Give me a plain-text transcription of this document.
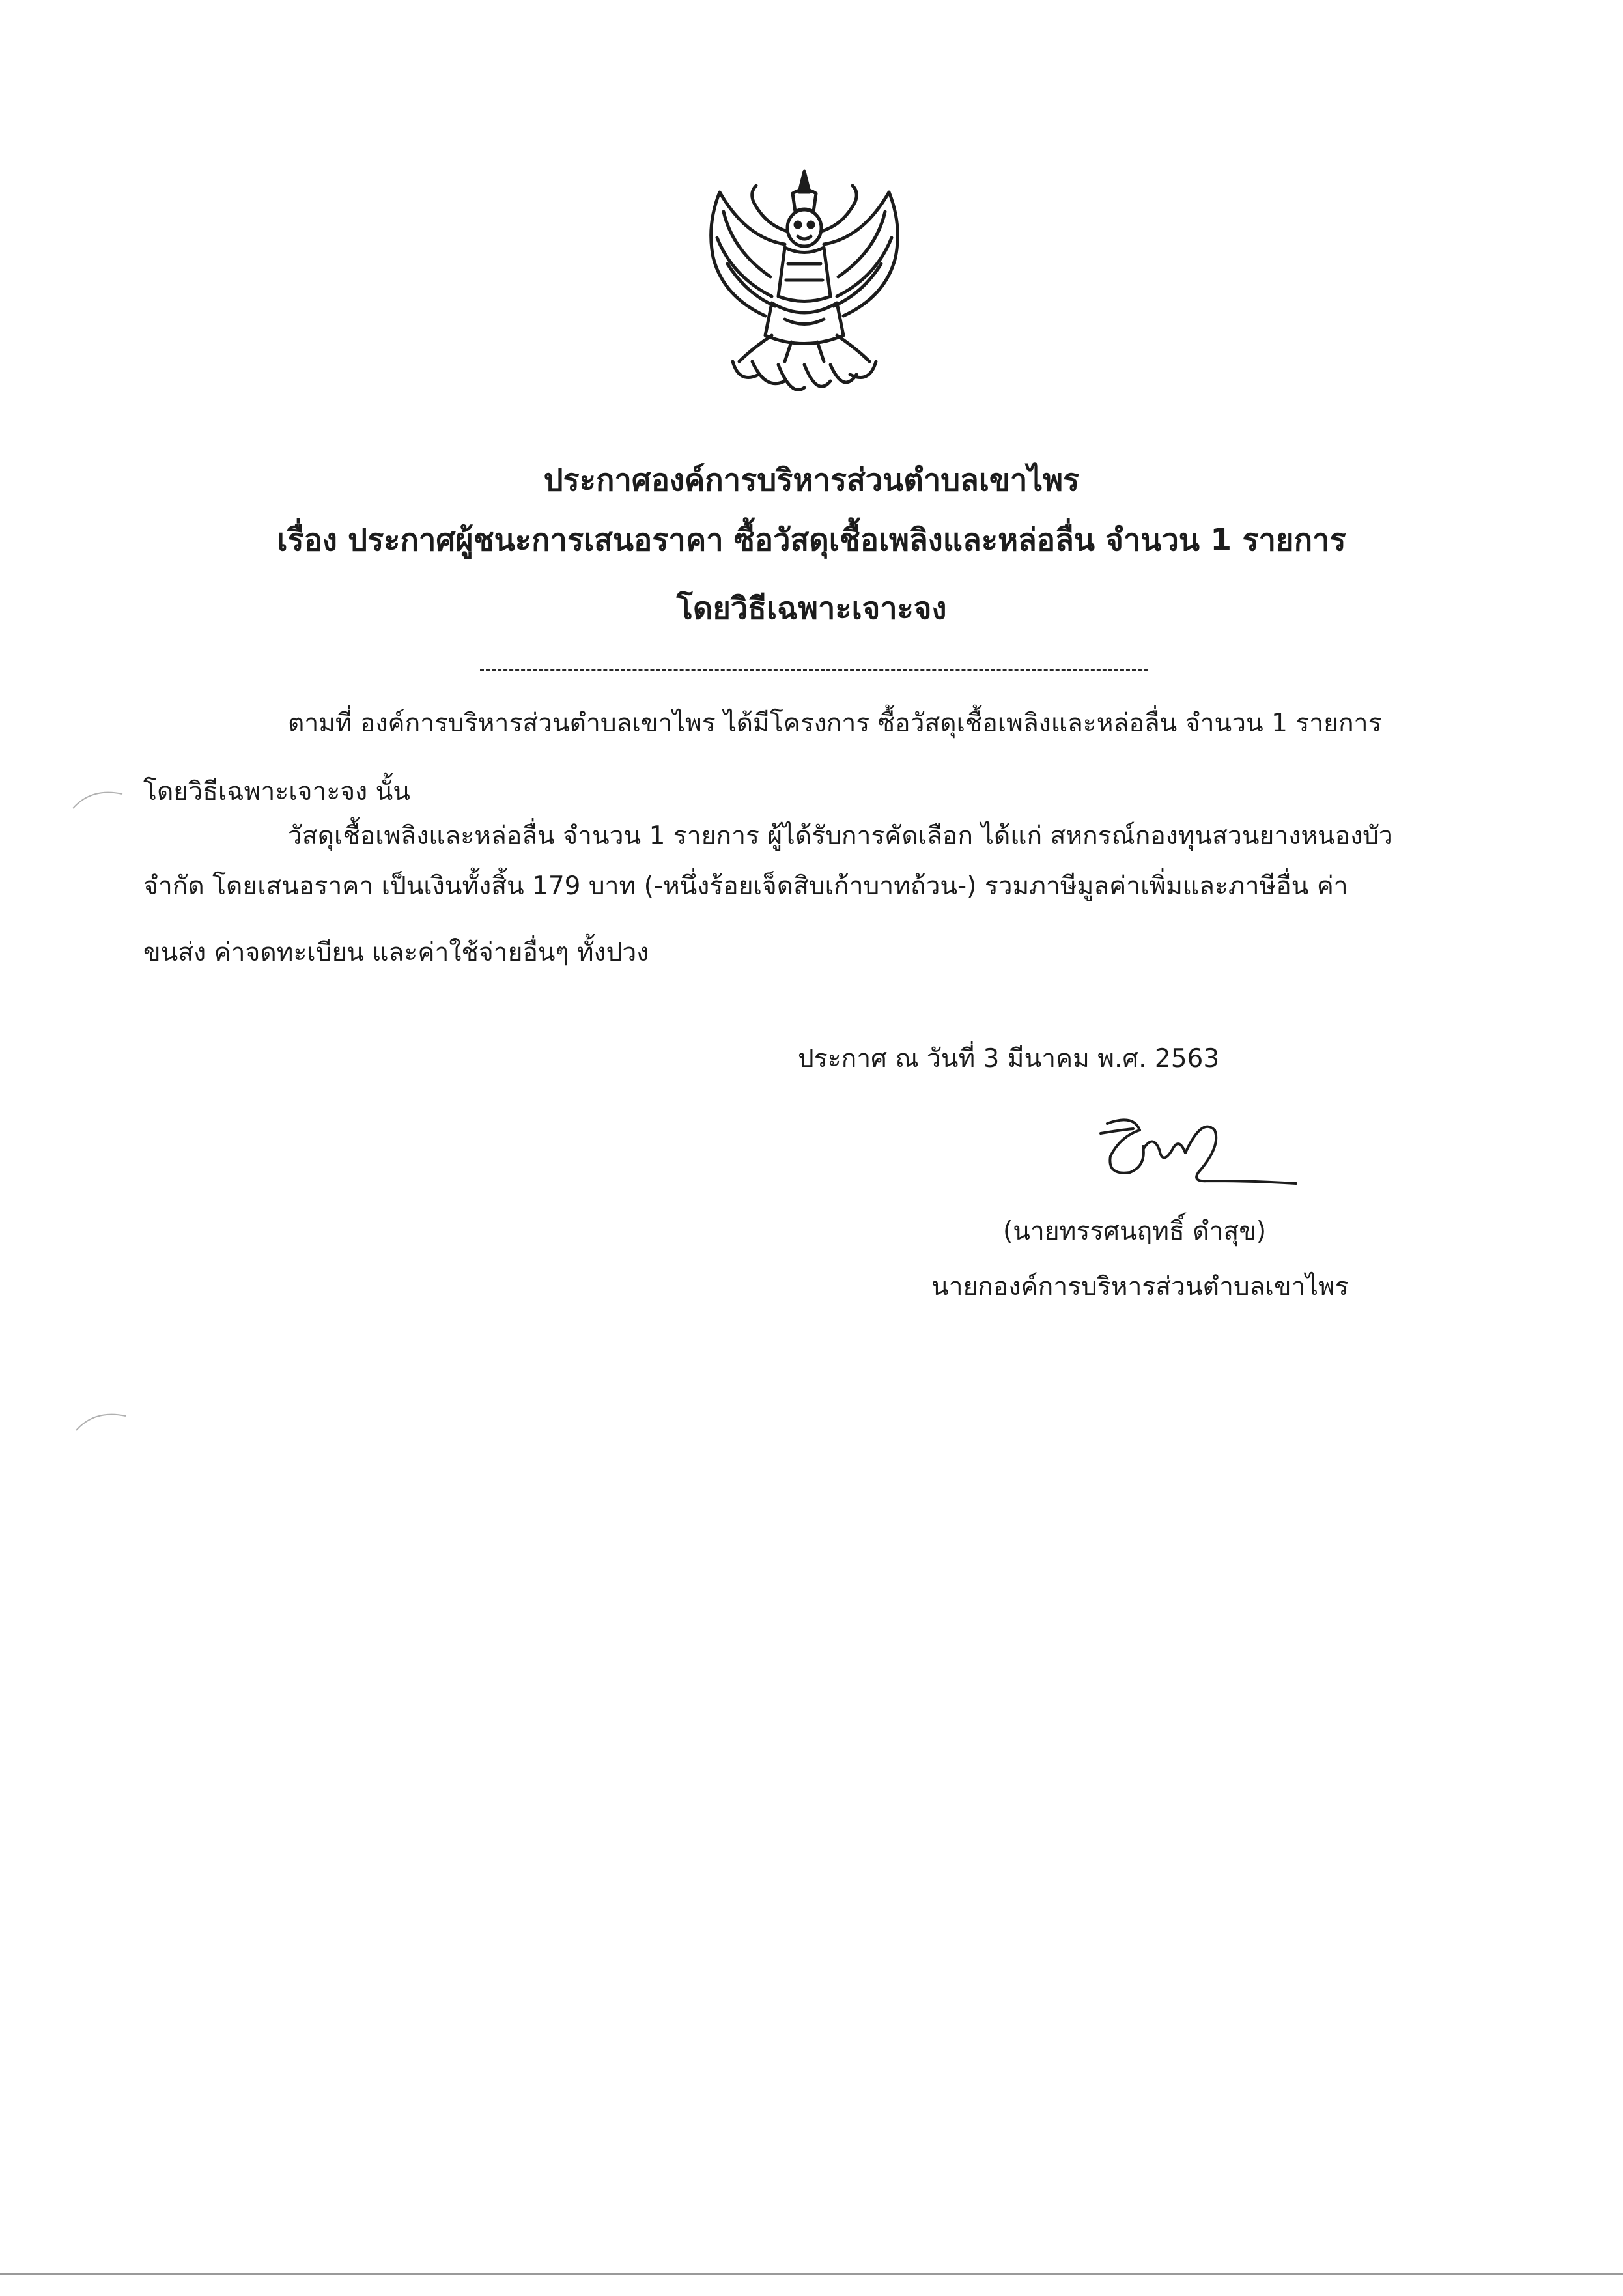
ประกาศองค์การบริหารส่วนตำบลเขาไพร
เรื่อง ประกาศผู้ชนะการเสนอราคา ซื้อวัสดุเชื้อเพลิงและหล่อลื่น จำนวน 1 รายการ
โดยวิธีเฉพาะเจาะจง
ตามที่ องค์การบริหารส่วนตำบลเขาไพร ได้มีโครงการ ซื้อวัสดุเชื้อเพลิงและหล่อลื่น จำนวน 1 รายการ
โดยวิธีเฉพาะเจาะจง นั้น
วัสดุเชื้อเพลิงและหล่อลื่น จำนวน 1 รายการ ผู้ได้รับการคัดเลือก ได้แก่ สหกรณ์กองทุนสวนยางหนองบัว
จำกัด โดยเสนอราคา เป็นเงินทั้งสิ้น 179 บาท (-หนึ่งร้อยเจ็ดสิบเก้าบาทถ้วน-) รวมภาษีมูลค่าเพิ่มและภาษีอื่น ค่า
ขนส่ง ค่าจดทะเบียน และค่าใช้จ่ายอื่นๆ ทั้งปวง
ประกาศ ณ วันที่ 3 มีนาคม พ.ศ. 2563
(นายทรรศนฤทธิ์ ดำสุข)
นายกองค์การบริหารส่วนตำบลเขาไพร
